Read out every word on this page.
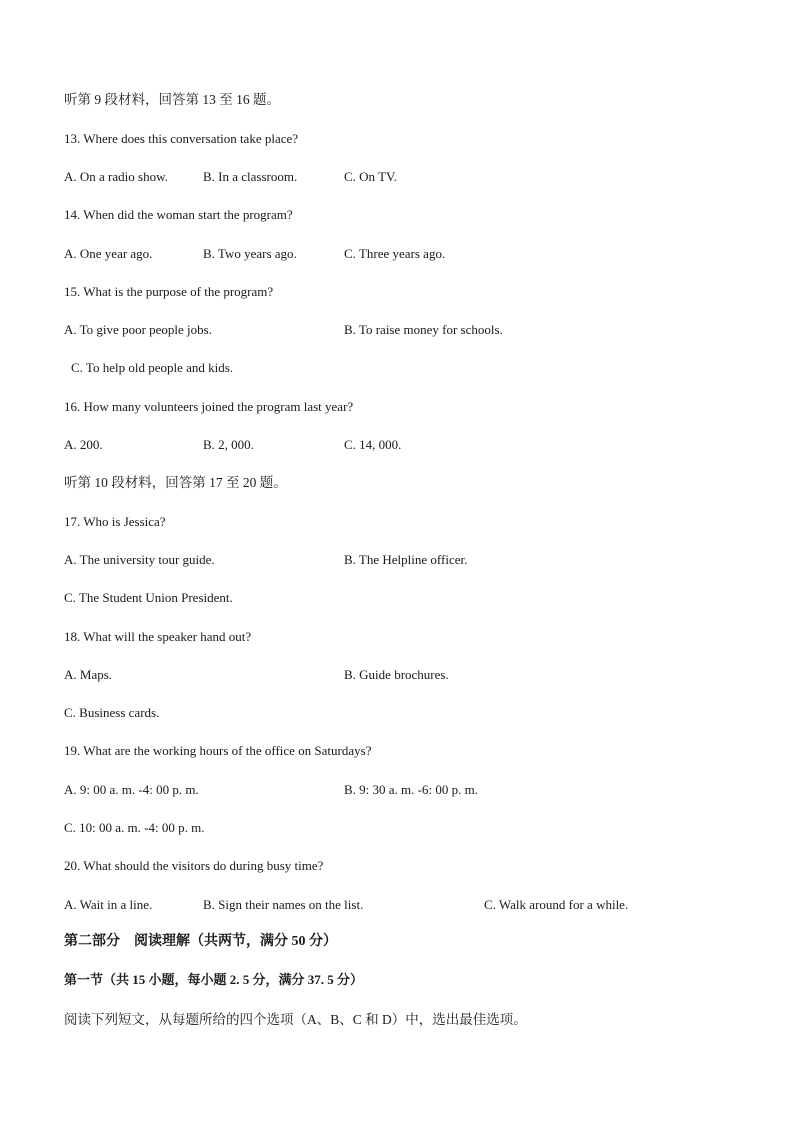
听第 9 段材料，回答第 13 至 16 题。
13. Where does this conversation take place?
A. On a radio show.	B. In a classroom.	C. On TV.
14. When did the woman start the program?
A. One year ago.	B. Two years ago.	C. Three years ago.
15. What is the purpose of the program?
A. To give poor people jobs.	B. To raise money for schools.
C. To help old people and kids.
16. How many volunteers joined the program last year?
A. 200.	B. 2, 000.	C. 14, 000.
听第 10 段材料，回答第 17 至 20 题。
17. Who is Jessica?
A. The university tour guide.	B. The Helpline officer.
C. The Student Union President.
18. What will the speaker hand out?
A. Maps.	B. Guide brochures.
C. Business cards.
19. What are the working hours of the office on Saturdays?
A. 9: 00 a. m. -4: 00 p. m.	B. 9: 30 a. m. -6: 00 p. m.
C. 10: 00 a. m. -4: 00 p. m.
20. What should the visitors do during busy time?
A. Wait in a line.	B. Sign their names on the list.	C. Walk around for a while.
第二部分　阅读理解（共两节，满分 50 分）
第一节（共 15 小题，每小题 2. 5 分，满分 37. 5 分）
阅读下列短文，从每题所给的四个选项（A、B、C 和 D）中，选出最佳选项。
